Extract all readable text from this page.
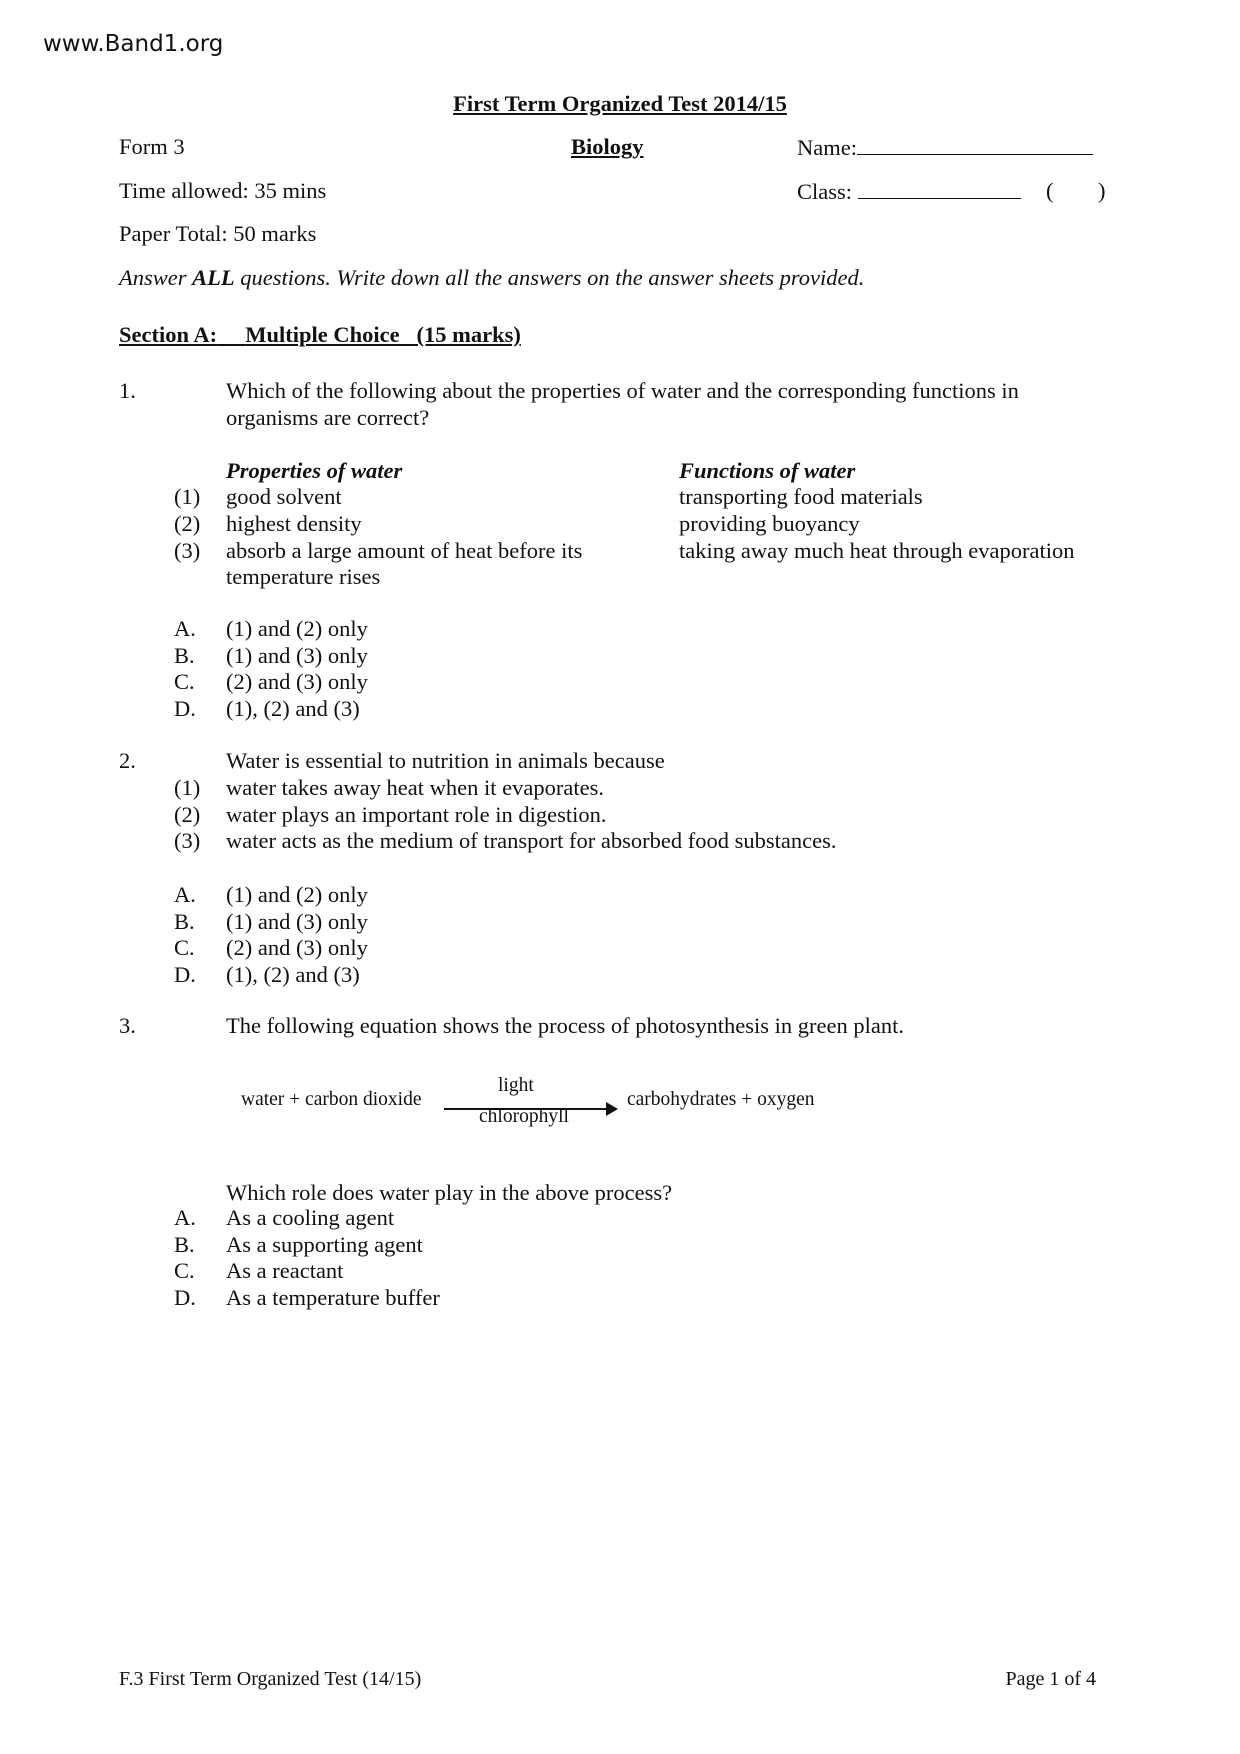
www.Band1.org
First Term Organized Test 2014/15
Form 3	Biology	Name:
Time allowed: 35 mins	Class:	( )
Paper Total: 50 marks
Answer ALL questions. Write down all the answers on the answer sheets provided.
Section A: Multiple Choice   (15 marks)
1.	Which of the following about the properties of water and the corresponding functions in
organisms are correct?
Properties of water	Functions of water
(1) good solvent	transporting food materials
(2) highest density	providing buoyancy
(3) absorb a large amount of heat before its	taking away much heat through evaporation
temperature rises
A. (1) and (2) only
B. (1) and (3) only
C. (2) and (3) only
D. (1), (2) and (3)
2.	Water is essential to nutrition in animals because
(1) water takes away heat when it evaporates.
(2) water plays an important role in digestion.
(3) water acts as the medium of transport for absorbed food substances.
A. (1) and (2) only
B. (1) and (3) only
C. (2) and (3) only
D. (1), (2) and (3)
3.	The following equation shows the process of photosynthesis in green plant.
water + carbon dioxide
light
chlorophyll
carbohydrates + oxygen
Which role does water play in the above process?
A. As a cooling agent
B. As a supporting agent
C. As a reactant
D. As a temperature buffer
F.3 First Term Organized Test (14/15)	Page 1 of 4
